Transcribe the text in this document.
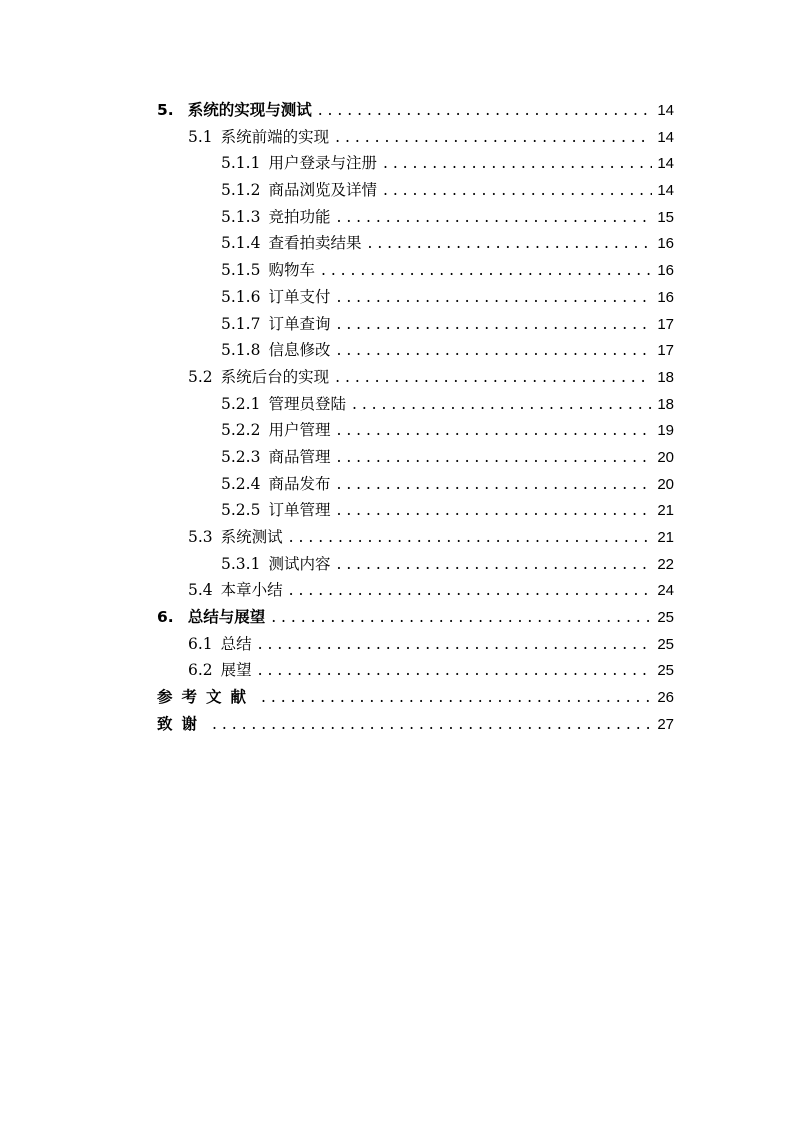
5. 系统的实现与测试 . . .	14
5.1 系统前端的实现 . . .	14
5.1.1 用户登录与注册 . . .	14
5.1.2 商品浏览及详情 . . .	14
5.1.3 竞拍功能 . . .	15
5.1.4 查看拍卖结果 . . .	16
5.1.5 购物车 . . .	16
5.1.6 订单支付 . . .	16
5.1.7 订单查询 . . .	17
5.1.8 信息修改 . . .	17
5.2 系统后台的实现 . . .	18
5.2.1 管理员登陆 . . .	18
5.2.2 用户管理 . . .	19
5.2.3 商品管理 . . .	20
5.2.4 商品发布 . . .	20
5.2.5 订单管理 . . .	21
5.3 系统测试 . . .	21
5.3.1 测试内容 . . .	22
5.4 本章小结 . . .	24
6. 总结与展望 . . .	25
6.1 总结 . . .	25
6.2 展望 . . .	25
参考文献 . . .	26
致谢 . . .	27
